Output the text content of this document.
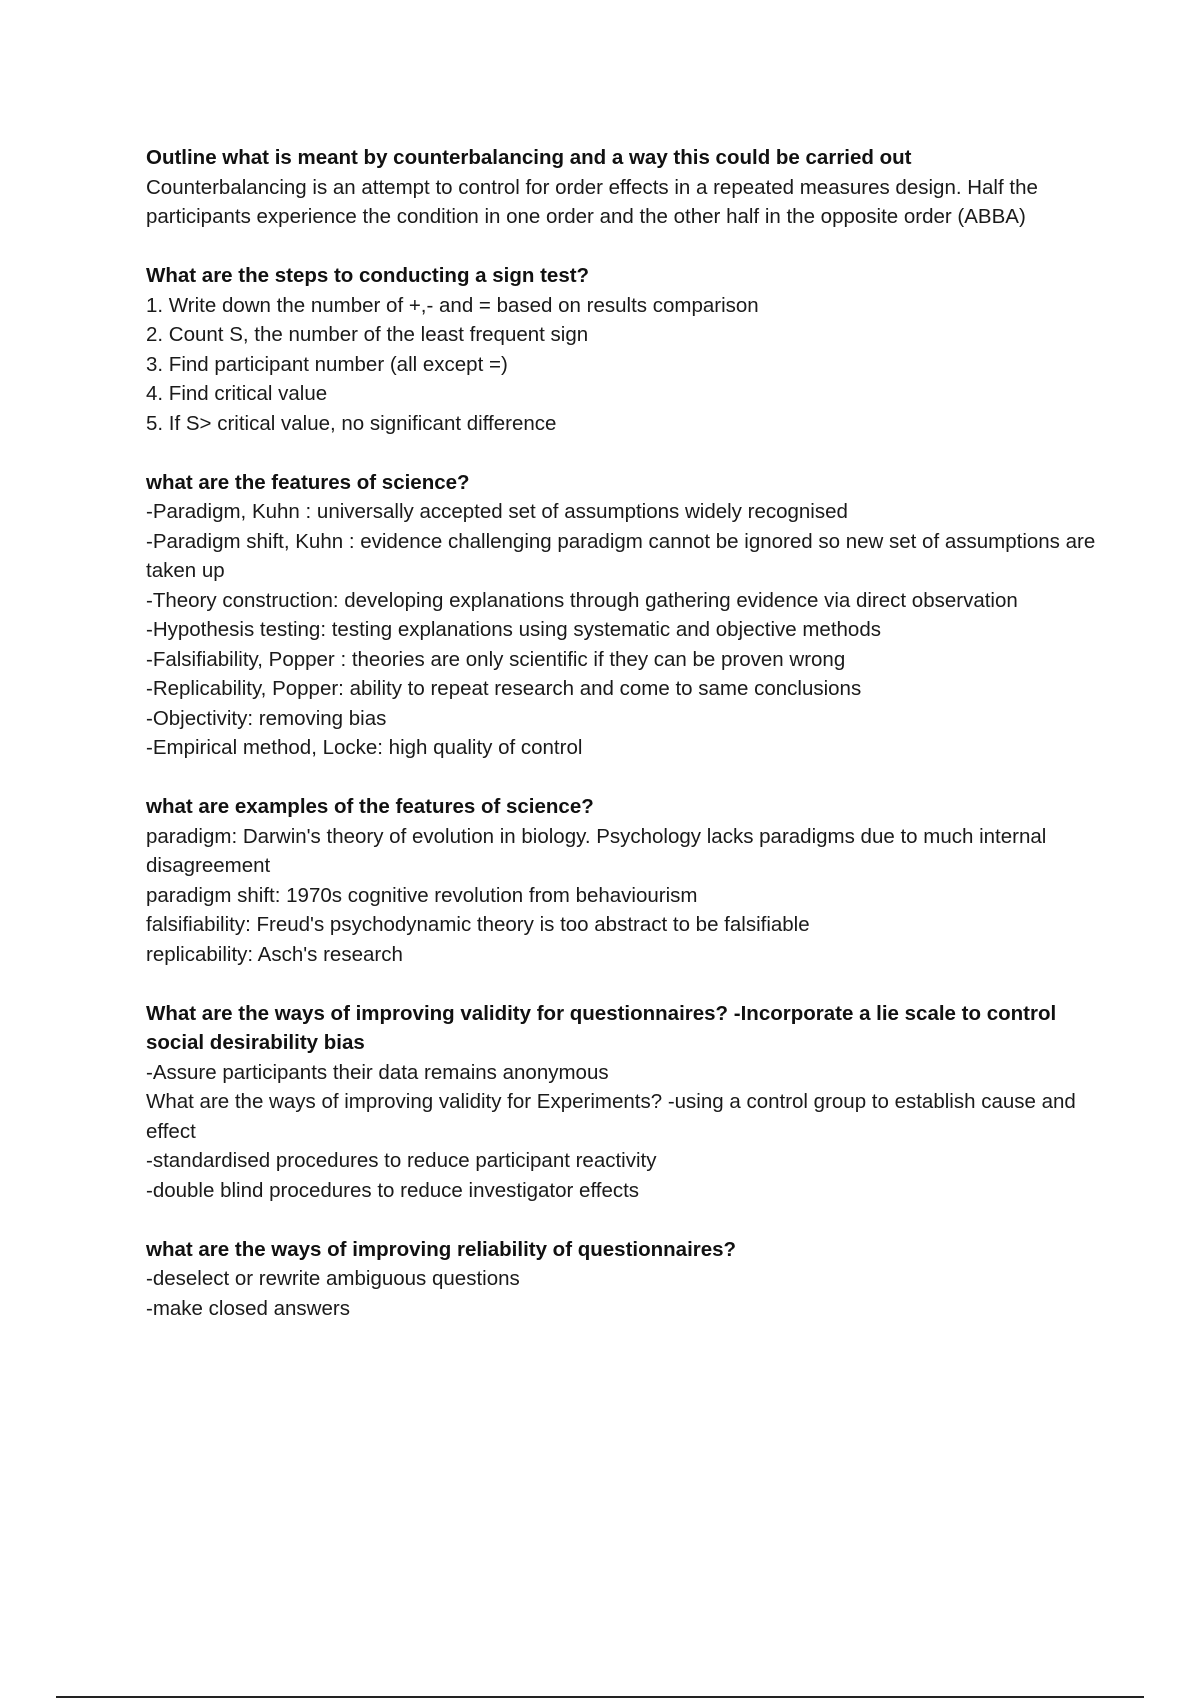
Outline what is meant by counterbalancing and a way this could be carried out
Counterbalancing is an attempt to control for order effects in a repeated measures design. Half the participants experience the condition in one order and the other half in the opposite order (ABBA)
What are the steps to conducting a sign test?
1. Write down the number of +,- and = based on results comparison
2. Count S, the number of the least frequent sign
3. Find participant number (all except =)
4. Find critical value
5. If S> critical value, no significant difference
what are the features of science?
-Paradigm, Kuhn : universally accepted set of assumptions widely recognised
-Paradigm shift, Kuhn : evidence challenging paradigm cannot be ignored so new set of assumptions are taken up
-Theory construction: developing explanations through gathering evidence via direct observation
-Hypothesis testing: testing explanations using systematic and objective methods
-Falsifiability, Popper : theories are only scientific if they can be proven wrong
-Replicability, Popper: ability to repeat research and come to same conclusions
-Objectivity: removing bias
-Empirical method, Locke: high quality of control
what are examples of the features of science?
paradigm: Darwin's theory of evolution in biology. Psychology lacks paradigms due to much internal disagreement
paradigm shift: 1970s cognitive revolution from behaviourism
falsifiability: Freud's psychodynamic theory is too abstract to be falsifiable
replicability: Asch's research
What are the ways of improving validity for questionnaires? -Incorporate a lie scale to control social desirability bias
-Assure participants their data remains anonymous
What are the ways of improving validity for Experiments? -using a control group to establish cause and effect
-standardised procedures to reduce participant reactivity
-double blind procedures to reduce investigator effects
what are the ways of improving reliability of questionnaires?
-deselect or rewrite ambiguous questions
-make closed answers
